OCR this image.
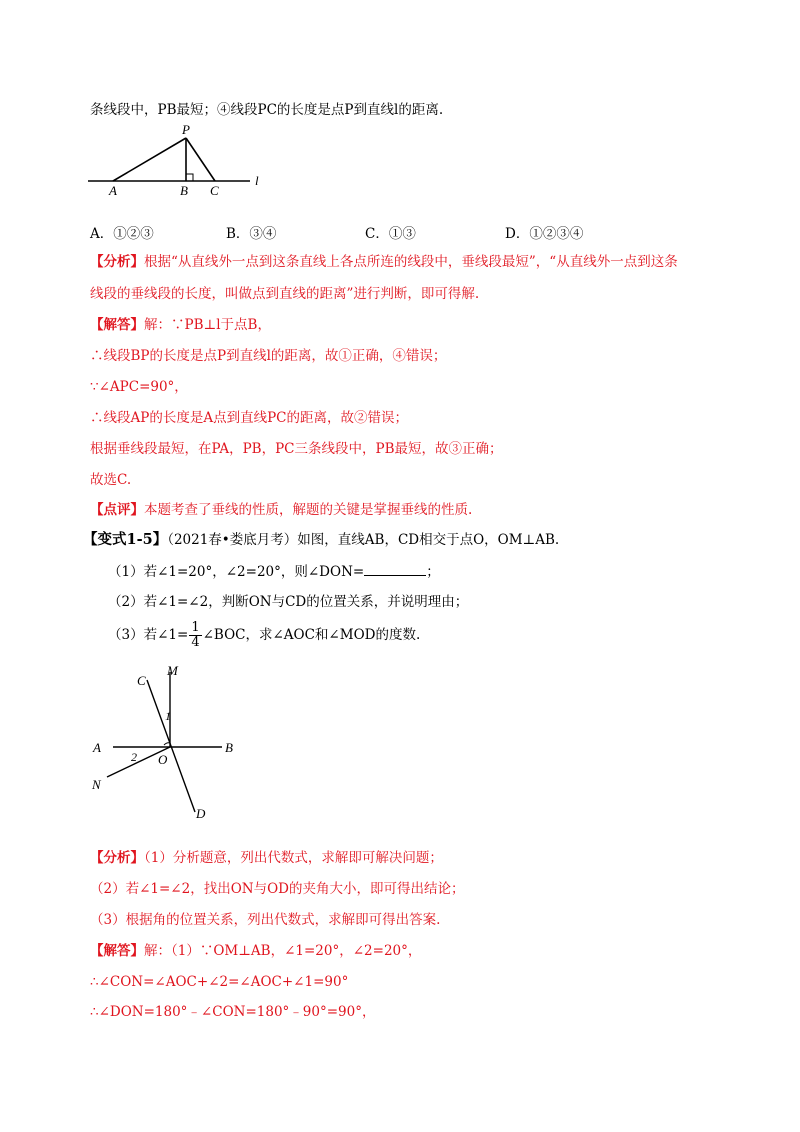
条线段中，PB最短；④线段PC的长度是点P到直线l的距离.
P
A	B C
l
A．①②③	B．③④	C．①③	D．①②③④
【分析】根据“从直线外一点到这条直线上各点所连的线段中，垂线段最短”，“从直线外一点到这条
线段的垂线段的长度，叫做点到直线的距离”进行判断，即可得解.
【解答】解：∵PB⊥l于点B，
∴线段BP的长度是点P到直线l的距离，故①正确，④错误；
∵∠APC=90°，
∴线段AP的长度是A点到直线PC的距离，故②错误；
根据垂线段最短，在PA，PB，PC三条线段中，PB最短，故③正确；
故选C.
【点评】本题考查了垂线的性质，解题的关键是掌握垂线的性质.
【变式1-5】（2021春•娄底月考）如图，直线AB，CD相交于点O，OM⊥AB.
（1）若∠1=20°，∠2=20°，则∠DON=	；
（2）若∠1=∠2，判断ON与CD的位置关系，并说明理由；
（3）若∠1= $\frac{1}{4}$ ∠BOC，求∠AOC和∠MOD的度数.
M
C
A	B
O
N
D
1
2
【分析】（1）分析题意，列出代数式，求解即可解决问题；
（2）若∠1=∠2，找出ON与OD的夹角大小，即可得出结论；
（3）根据角的位置关系，列出代数式，求解即可得出答案.
【解答】解：（1）∵OM⊥AB，∠1=20°，∠2=20°，
∴∠CON=∠AOC+∠2=∠AOC+∠1=90°
∴∠DON=180°﹣∠CON=180°﹣90°=90°，
